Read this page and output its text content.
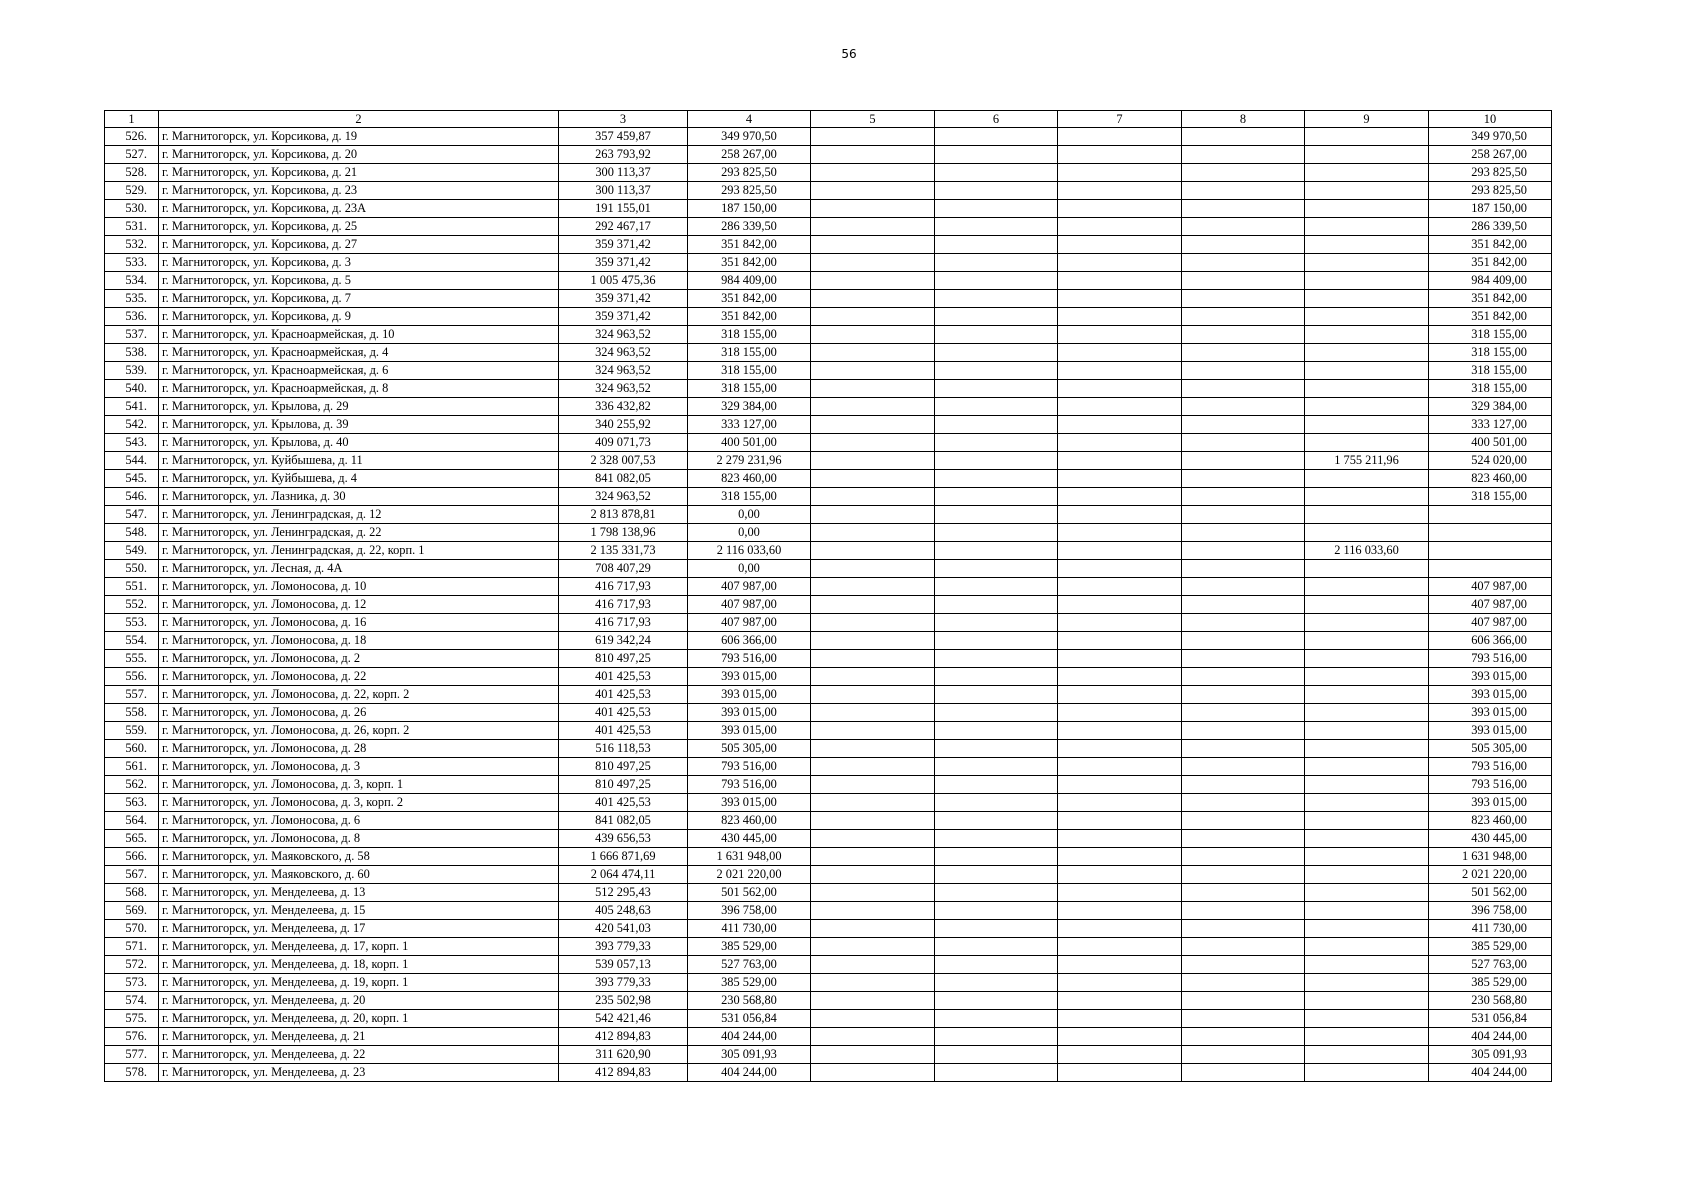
56
1	2	3	4	5	6	7	8	9	10
526.	г. Магнитогорск, ул. Корсикова, д. 19	357 459,87	349 970,50						349 970,50
527.	г. Магнитогорск, ул. Корсикова, д. 20	263 793,92	258 267,00						258 267,00
528.	г. Магнитогорск, ул. Корсикова, д. 21	300 113,37	293 825,50						293 825,50
529.	г. Магнитогорск, ул. Корсикова, д. 23	300 113,37	293 825,50						293 825,50
530.	г. Магнитогорск, ул. Корсикова, д. 23А	191 155,01	187 150,00						187 150,00
531.	г. Магнитогорск, ул. Корсикова, д. 25	292 467,17	286 339,50						286 339,50
532.	г. Магнитогорск, ул. Корсикова, д. 27	359 371,42	351 842,00						351 842,00
533.	г. Магнитогорск, ул. Корсикова, д. 3	359 371,42	351 842,00						351 842,00
534.	г. Магнитогорск, ул. Корсикова, д. 5	1 005 475,36	984 409,00						984 409,00
535.	г. Магнитогорск, ул. Корсикова, д. 7	359 371,42	351 842,00						351 842,00
536.	г. Магнитогорск, ул. Корсикова, д. 9	359 371,42	351 842,00						351 842,00
537.	г. Магнитогорск, ул. Красноармейская, д. 10	324 963,52	318 155,00						318 155,00
538.	г. Магнитогорск, ул. Красноармейская, д. 4	324 963,52	318 155,00						318 155,00
539.	г. Магнитогорск, ул. Красноармейская, д. 6	324 963,52	318 155,00						318 155,00
540.	г. Магнитогорск, ул. Красноармейская, д. 8	324 963,52	318 155,00						318 155,00
541.	г. Магнитогорск, ул. Крылова, д. 29	336 432,82	329 384,00						329 384,00
542.	г. Магнитогорск, ул. Крылова, д. 39	340 255,92	333 127,00						333 127,00
543.	г. Магнитогорск, ул. Крылова, д. 40	409 071,73	400 501,00						400 501,00
544.	г. Магнитогорск, ул. Куйбышева, д. 11	2 328 007,53	2 279 231,96					1 755 211,96	524 020,00
545.	г. Магнитогорск, ул. Куйбышева, д. 4	841 082,05	823 460,00						823 460,00
546.	г. Магнитогорск, ул. Лазника, д. 30	324 963,52	318 155,00						318 155,00
547.	г. Магнитогорск, ул. Ленинградская, д. 12	2 813 878,81	0,00						
548.	г. Магнитогорск, ул. Ленинградская, д. 22	1 798 138,96	0,00						
549.	г. Магнитогорск, ул. Ленинградская, д. 22, корп. 1	2 135 331,73	2 116 033,60					2 116 033,60	
550.	г. Магнитогорск, ул. Лесная, д. 4А	708 407,29	0,00						
551.	г. Магнитогорск, ул. Ломоносова, д. 10	416 717,93	407 987,00						407 987,00
552.	г. Магнитогорск, ул. Ломоносова, д. 12	416 717,93	407 987,00						407 987,00
553.	г. Магнитогорск, ул. Ломоносова, д. 16	416 717,93	407 987,00						407 987,00
554.	г. Магнитогорск, ул. Ломоносова, д. 18	619 342,24	606 366,00						606 366,00
555.	г. Магнитогорск, ул. Ломоносова, д. 2	810 497,25	793 516,00						793 516,00
556.	г. Магнитогорск, ул. Ломоносова, д. 22	401 425,53	393 015,00						393 015,00
557.	г. Магнитогорск, ул. Ломоносова, д. 22, корп. 2	401 425,53	393 015,00						393 015,00
558.	г. Магнитогорск, ул. Ломоносова, д. 26	401 425,53	393 015,00						393 015,00
559.	г. Магнитогорск, ул. Ломоносова, д. 26, корп. 2	401 425,53	393 015,00						393 015,00
560.	г. Магнитогорск, ул. Ломоносова, д. 28	516 118,53	505 305,00						505 305,00
561.	г. Магнитогорск, ул. Ломоносова, д. 3	810 497,25	793 516,00						793 516,00
562.	г. Магнитогорск, ул. Ломоносова, д. 3, корп. 1	810 497,25	793 516,00						793 516,00
563.	г. Магнитогорск, ул. Ломоносова, д. 3, корп. 2	401 425,53	393 015,00						393 015,00
564.	г. Магнитогорск, ул. Ломоносова, д. 6	841 082,05	823 460,00						823 460,00
565.	г. Магнитогорск, ул. Ломоносова, д. 8	439 656,53	430 445,00						430 445,00
566.	г. Магнитогорск, ул. Маяковского, д. 58	1 666 871,69	1 631 948,00						1 631 948,00
567.	г. Магнитогорск, ул. Маяковского, д. 60	2 064 474,11	2 021 220,00						2 021 220,00
568.	г. Магнитогорск, ул. Менделеева, д. 13	512 295,43	501 562,00						501 562,00
569.	г. Магнитогорск, ул. Менделеева, д. 15	405 248,63	396 758,00						396 758,00
570.	г. Магнитогорск, ул. Менделеева, д. 17	420 541,03	411 730,00						411 730,00
571.	г. Магнитогорск, ул. Менделеева, д. 17, корп. 1	393 779,33	385 529,00						385 529,00
572.	г. Магнитогорск, ул. Менделеева, д. 18, корп. 1	539 057,13	527 763,00						527 763,00
573.	г. Магнитогорск, ул. Менделеева, д. 19, корп. 1	393 779,33	385 529,00						385 529,00
574.	г. Магнитогорск, ул. Менделеева, д. 20	235 502,98	230 568,80						230 568,80
575.	г. Магнитогорск, ул. Менделеева, д. 20, корп. 1	542 421,46	531 056,84						531 056,84
576.	г. Магнитогорск, ул. Менделеева, д. 21	412 894,83	404 244,00						404 244,00
577.	г. Магнитогорск, ул. Менделеева, д. 22	311 620,90	305 091,93						305 091,93
578.	г. Магнитогорск, ул. Менделеева, д. 23	412 894,83	404 244,00						404 244,00
